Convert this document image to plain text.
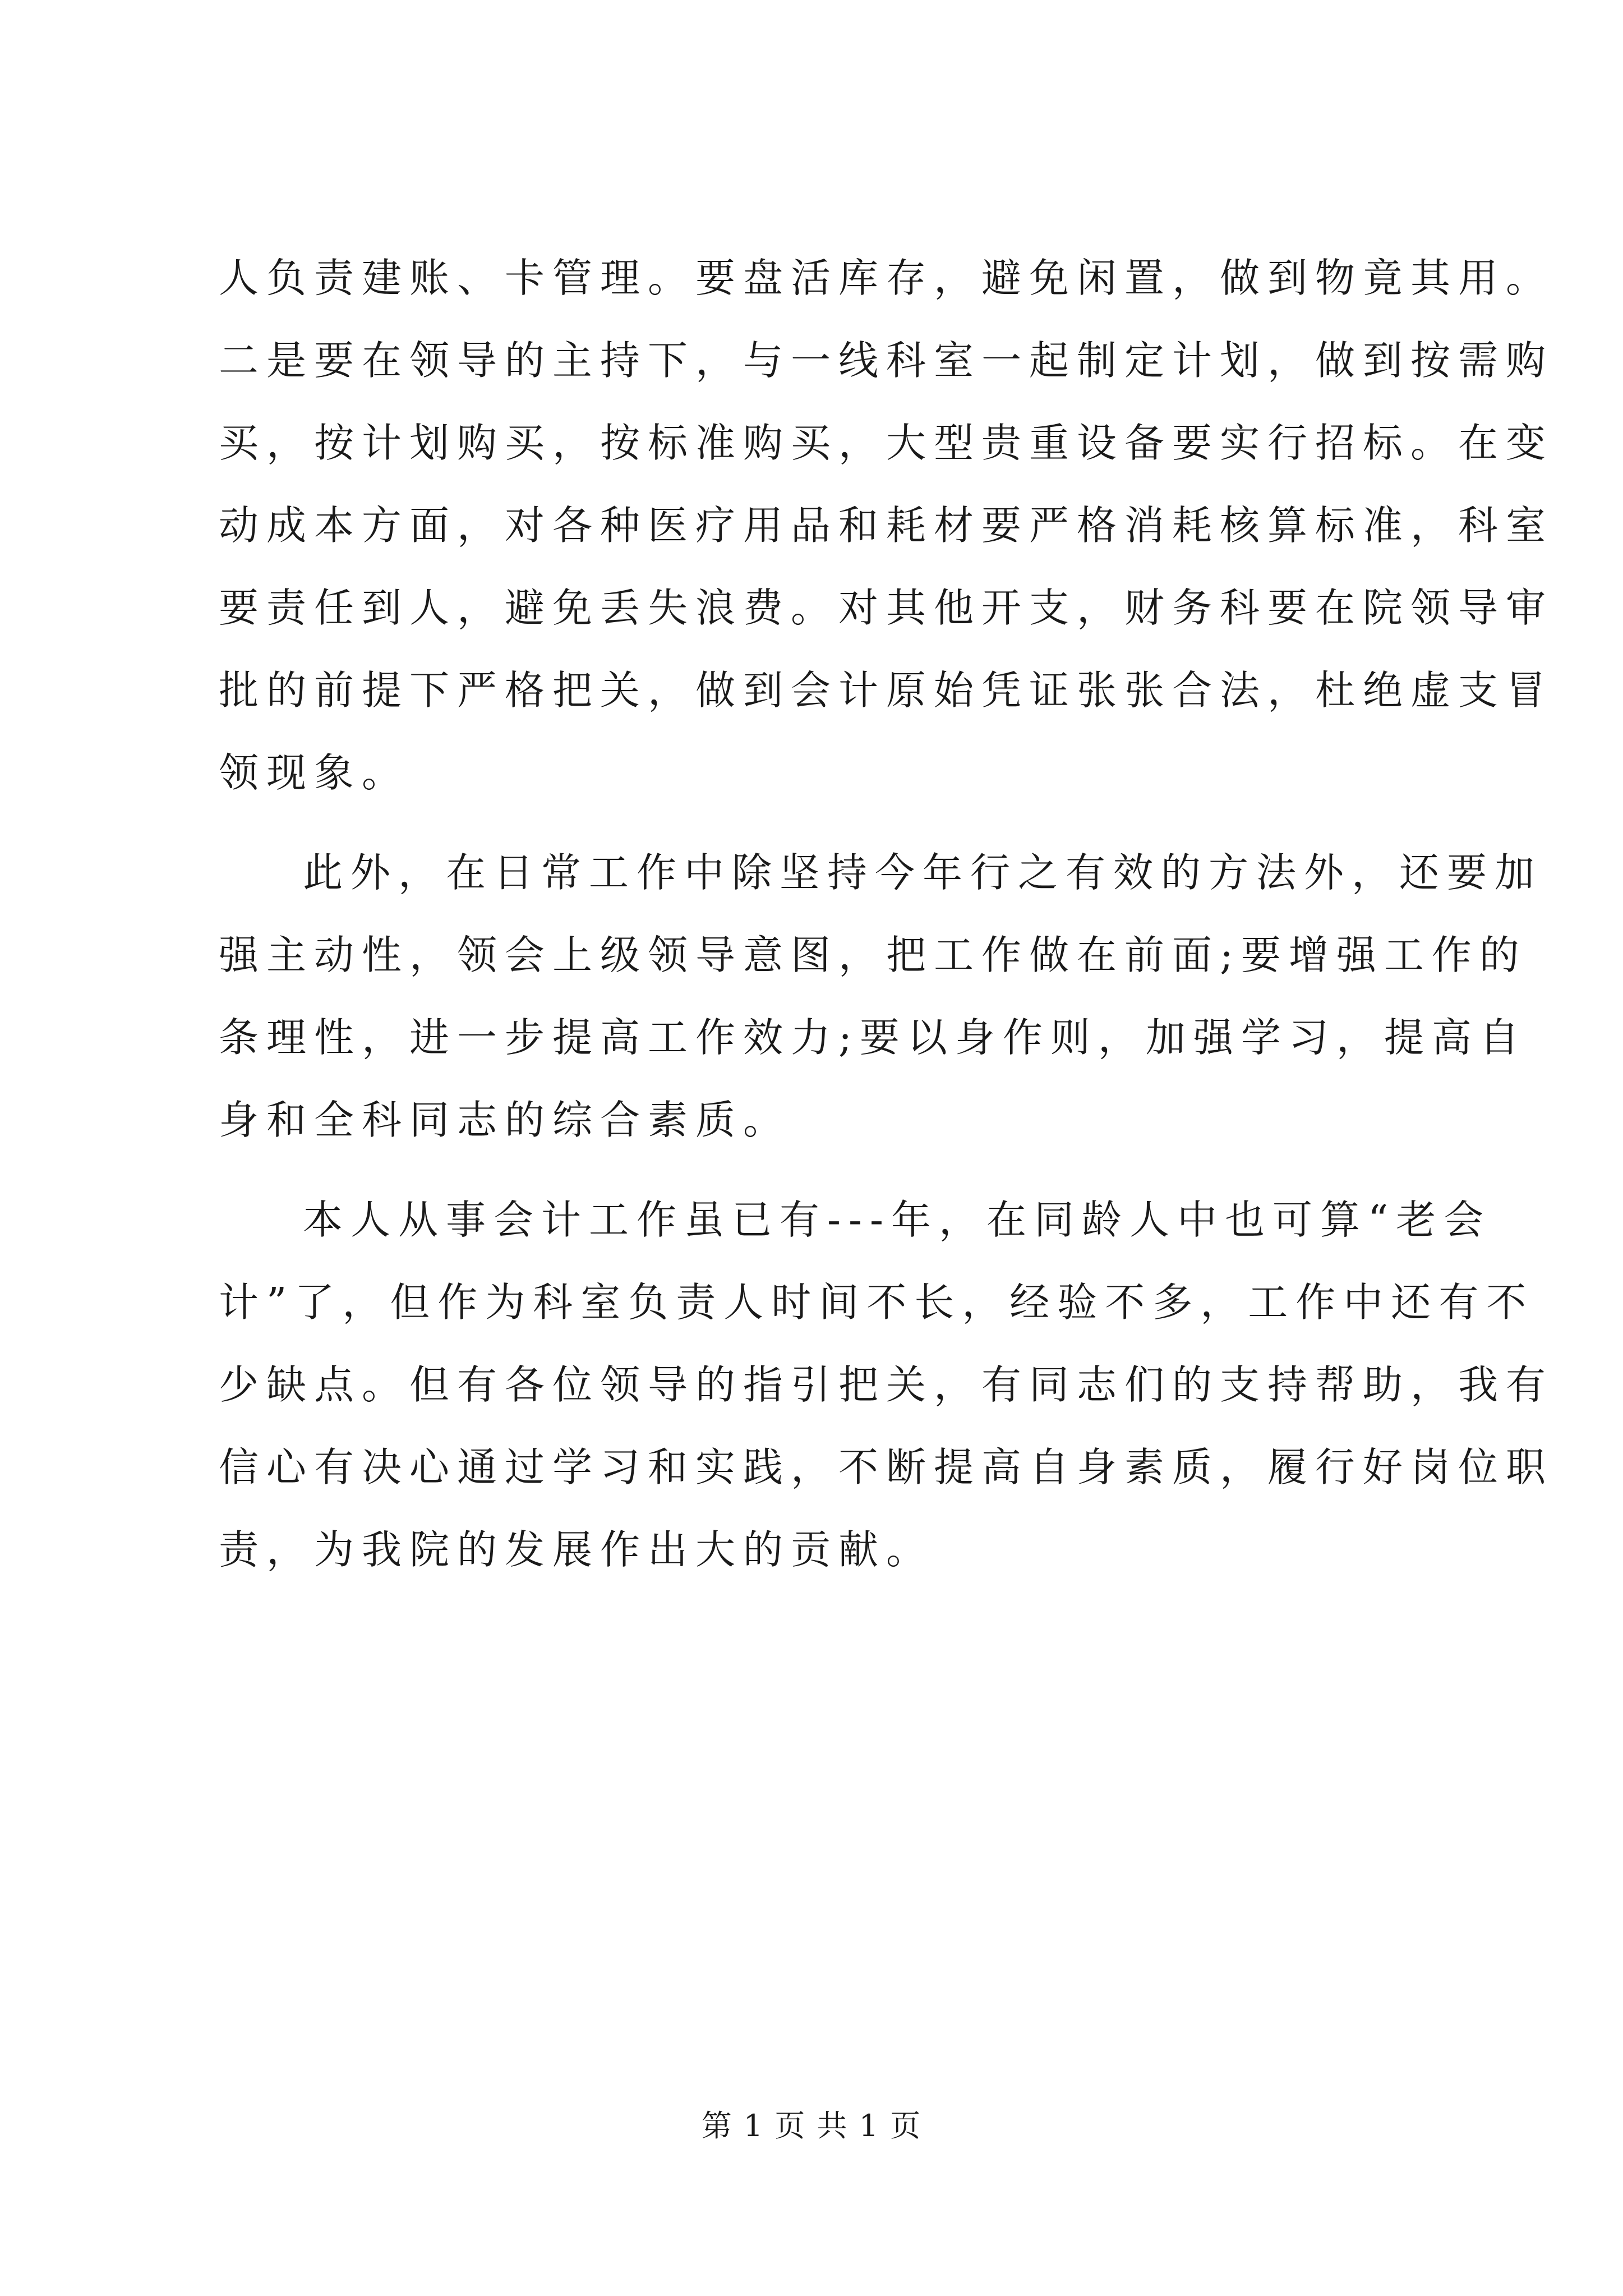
人负责建账、卡管理。要盘活库存，避免闲置，做到物竟其用。
二是要在领导的主持下，与一线科室一起制定计划，做到按需购
买，按计划购买，按标准购买，大型贵重设备要实行招标。在变
动成本方面，对各种医疗用品和耗材要严格消耗核算标准，科室
要责任到人，避免丢失浪费。对其他开支，财务科要在院领导审
批的前提下严格把关，做到会计原始凭证张张合法，杜绝虚支冒
领现象。
此外，在日常工作中除坚持今年行之有效的方法外，还要加
强主动性，领会上级领导意图，把工作做在前面;要增强工作的
条理性，进一步提高工作效力;要以身作则，加强学习，提高自
身和全科同志的综合素质。
本人从事会计工作虽已有---年，在同龄人中也可算“老会
计”了，但作为科室负责人时间不长，经验不多，工作中还有不
少缺点。但有各位领导的指引把关，有同志们的支持帮助，我有
信心有决心通过学习和实践，不断提高自身素质，履行好岗位职
责，为我院的发展作出大的贡献。
第 1 页 共 1 页
